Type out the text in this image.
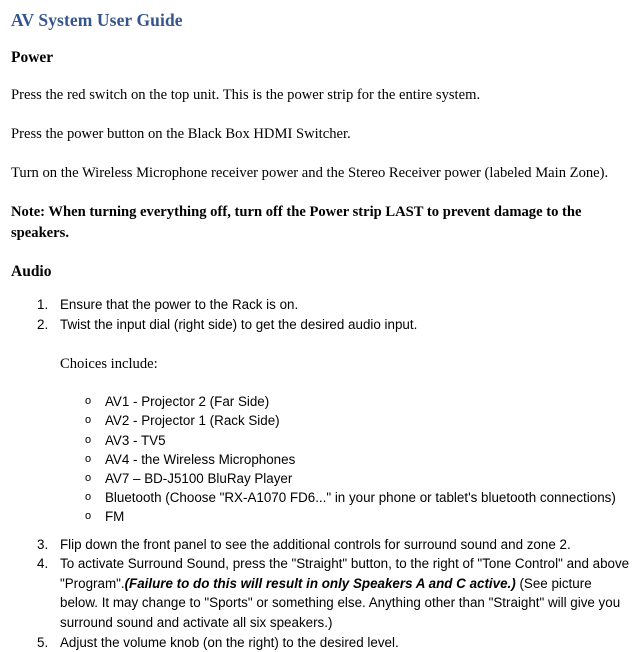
AV System User Guide
Power

Press the red switch on the top unit. This is the power strip for the entire system.

Press the power button on the Black Box HDMI Switcher.

Turn on the Wireless Microphone receiver power and the Stereo Receiver power (labeled Main Zone).

Note: When turning everything off, turn off the Power strip LAST to prevent damage to the speakers.

Audio
1. Ensure that the power to the Rack is on.
2. Twist the input dial (right side) to get the desired audio input.

Choices include:

o AV1 - Projector 2 (Far Side)
o AV2 - Projector 1 (Rack Side)
o AV3 - TV5
o AV4 - the Wireless Microphones
o AV7 – BD-J5100 BluRay Player
o Bluetooth (Choose "RX-A1070 FD6..." in your phone or tablet's bluetooth connections)
o FM
3. Flip down the front panel to see the additional controls for surround sound and zone 2.
4. To activate Surround Sound, press the "Straight" button, to the right of "Tone Control" and above "Program".(Failure to do this will result in only Speakers A and C active.) (See picture below. It may change to "Sports" or something else. Anything other than "Straight" will give you surround sound and activate all six speakers.)
5. Adjust the volume knob (on the right) to the desired level.
